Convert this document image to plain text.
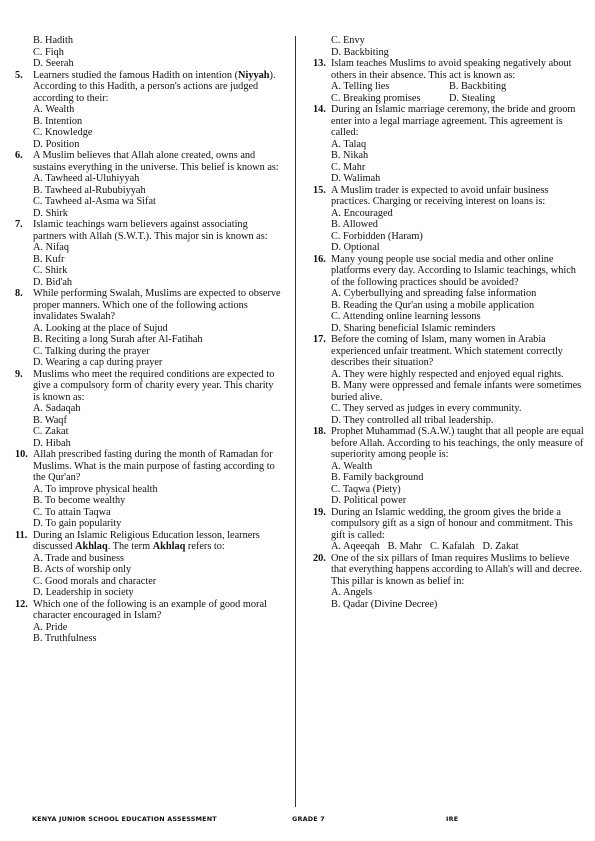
B. Hadith
C. Fiqh
D. Seerah
5. Learners studied the famous Hadith on intention (Niyyah). According to this Hadith, a person's actions are judged according to their:
A. Wealth
B. Intention
C. Knowledge
D. Position
6. A Muslim believes that Allah alone created, owns and sustains everything in the universe. This belief is known as:
A. Tawheed al-Uluhiyyah
B. Tawheed al-Rububiyyah
C. Tawheed al-Asma wa Sifat
D. Shirk
7. Islamic teachings warn believers against associating partners with Allah (S.W.T.). This major sin is known as:
A. Nifaq
B. Kufr
C. Shirk
D. Bid'ah
8. While performing Swalah, Muslims are expected to observe proper manners. Which one of the following actions invalidates Swalah?
A. Looking at the place of Sujud
B. Reciting a long Surah after Al-Fatihah
C. Talking during the prayer
D. Wearing a cap during prayer
9. Muslims who meet the required conditions are expected to give a compulsory form of charity every year. This charity is known as:
A. Sadaqah
B. Waqf
C. Zakat
D. Hibah
10. Allah prescribed fasting during the month of Ramadan for Muslims. What is the main purpose of fasting according to the Qur'an?
A. To improve physical health
B. To become wealthy
C. To attain Taqwa
D. To gain popularity
11. During an Islamic Religious Education lesson, learners discussed Akhlaq. The term Akhlaq refers to:
A. Trade and business
B. Acts of worship only
C. Good morals and character
D. Leadership in society
12. Which one of the following is an example of good moral character encouraged in Islam?
A. Pride
B. Truthfulness
C. Envy
D. Backbiting
13. Islam teaches Muslims to avoid speaking negatively about others in their absence. This act is known as:
A. Telling lies	B. Backbiting
C. Breaking promises	D. Stealing
14. During an Islamic marriage ceremony, the bride and groom enter into a legal marriage agreement. This agreement is called:
A. Talaq
B. Nikah
C. Mahr
D. Walimah
15. A Muslim trader is expected to avoid unfair business practices. Charging or receiving interest on loans is:
A. Encouraged
B. Allowed
C. Forbidden (Haram)
D. Optional
16. Many young people use social media and other online platforms every day. According to Islamic teachings, which of the following practices should be avoided?
A. Cyberbullying and spreading false information
B. Reading the Qur'an using a mobile application
C. Attending online learning lessons
D. Sharing beneficial Islamic reminders
17. Before the coming of Islam, many women in Arabia experienced unfair treatment. Which statement correctly describes their situation?
A. They were highly respected and enjoyed equal rights.
B. Many were oppressed and female infants were sometimes buried alive.
C. They served as judges in every community.
D. They controlled all tribal leadership.
18. Prophet Muhammad (S.A.W.) taught that all people are equal before Allah. According to his teachings, the only measure of superiority among people is:
A. Wealth
B. Family background
C. Taqwa (Piety)
D. Political power
19. During an Islamic wedding, the groom gives the bride a compulsory gift as a sign of honour and commitment. This gift is called:
A. Aqeeqah B. Mahr C. Kafalah D. Zakat
20. One of the six pillars of Iman requires Muslims to believe that everything happens according to Allah's will and decree. This pillar is known as belief in:
A. Angels
B. Qadar (Divine Decree)
KENYA JUNIOR SCHOOL EDUCATION ASSESSMENT	GRADE 7	IRE
